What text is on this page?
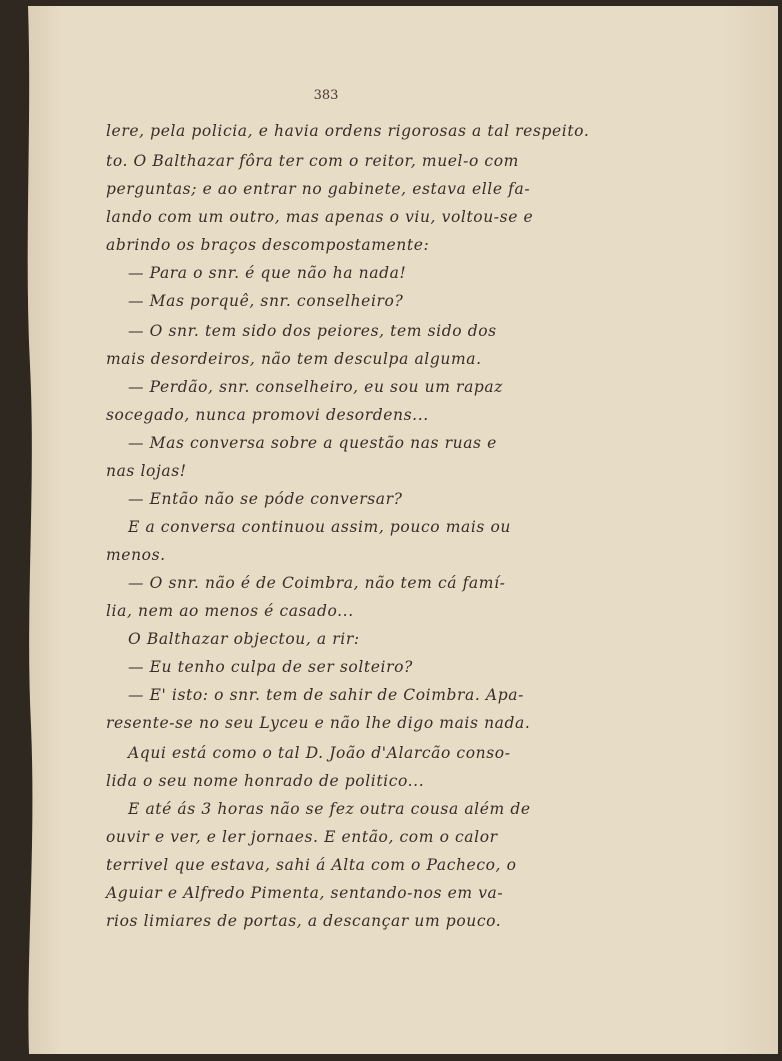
383
lere, pela policia, e havia ordens rigorosas a tal respeito.
to. O Balthazar fôra ter com o reitor, muel-o com
perguntas; e ao entrar no gabinete, estava elle fa-
lando com um outro, mas apenas o viu, voltou-se e
abrindo os braços descompostamente:
— Para o snr. é que não ha nada!
— Mas porquê, snr. conselheiro?
— O snr. tem sido dos peiores, tem sido dos
mais desordeiros, não tem desculpa alguma.
— Perdão, snr. conselheiro, eu sou um rapaz
socegado, nunca promovi desordens...
— Mas conversa sobre a questão nas ruas e
nas lojas!
— Então não se póde conversar?
E a conversa continuou assim, pouco mais ou
menos.
— O snr. não é de Coimbra, não tem cá famí-
lia, nem ao menos é casado...
O Balthazar objectou, a rir:
— Eu tenho culpa de ser solteiro?
— E' isto: o snr. tem de sahir de Coimbra. Apa-
resente-se no seu Lyceu e não lhe digo mais nada.
Aqui está como o tal D. João d'Alarcão conso-
lida o seu nome honrado de politico...
E até ás 3 horas não se fez outra cousa além de
ouvir e ver, e ler jornaes. E então, com o calor
terrivel que estava, sahi á Alta com o Pacheco, o
Aguiar e Alfredo Pimenta, sentando-nos em va-
rios limiares de portas, a descançar um pouco.
